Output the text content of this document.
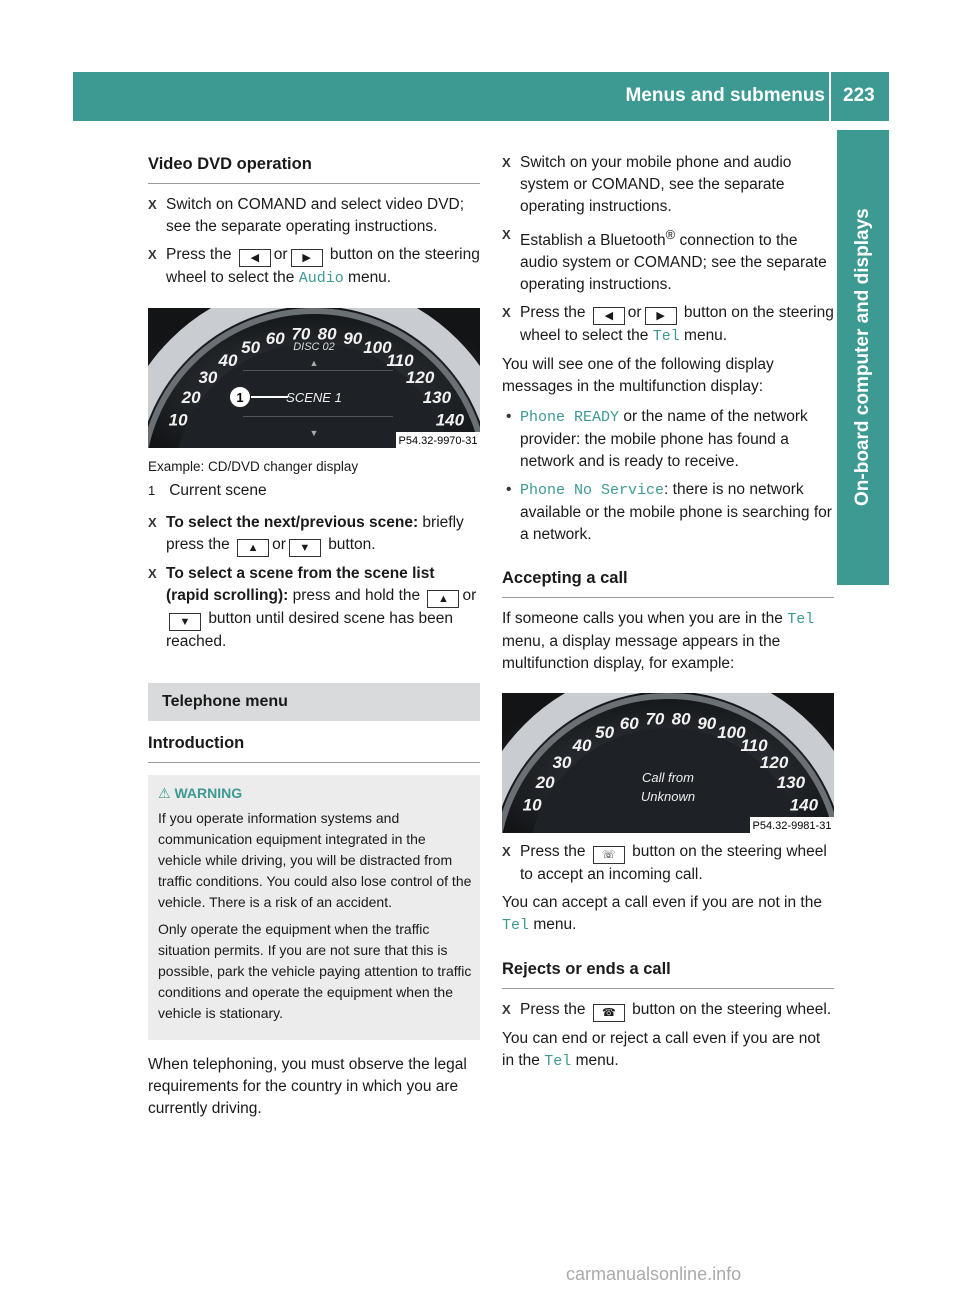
Menus and submenus 223
On-board computer and displays
Video DVD operation
X Switch on COMAND and select video DVD; see the separate operating instructions.
X Press the ◀ or ▶ button on the steering wheel to select the Audio menu.
10
20
30
40
50 60 70 80 90 100
110
120
130
140
DISC 02
▲
SCENE 1
▼
1
P54.32-9970-31
Example: CD/DVD changer display
1 Current scene
X To select the next/previous scene: briefly press the ▲ or ▼ button.
X To select a scene from the scene list (rapid scrolling): press and hold the ▲ or▼ button until desired scene has been reached.
Telephone menu
Introduction
⚠ WARNING

If you operate information systems and communication equipment integrated in the vehicle while driving, you will be distracted from traffic conditions. You could also lose control of the vehicle. There is a risk of an accident.

Only operate the equipment when the traffic situation permits. If you are not sure that this is possible, park the vehicle paying attention to traffic conditions and operate the equipment when the vehicle is stationary.

When telephoning, you must observe the legal requirements for the country in which you are currently driving.

X Switch on your mobile phone and audio system or COMAND, see the separate operating instructions.
X Establish a Bluetooth® connection to the audio system or COMAND; see the separate operating instructions.
X Press the ◀ or ▶ button on the steering wheel to select the Tel menu.

You will see one of the following display messages in the multifunction display:

• Phone READY or the name of the network provider: the mobile phone has found a network and is ready to receive.
• Phone No Service: there is no network available or the mobile phone is searching for a network.
Accepting a call

If someone calls you when you are in the Tel menu, a display message appears in the multifunction display, for example:

10
20
30
40
50 60 70 80 90 100
110
120
130
140
Call from
Unknown
P54.32-9981-31
X Press the ☏ button on the steering wheel to accept an incoming call.

You can accept a call even if you are not in the Tel menu.

Rejects or ends a call
X Press the ☎ button on the steering wheel.

You can end or reject a call even if you are not in the Tel menu.

carmanualsonline.info
